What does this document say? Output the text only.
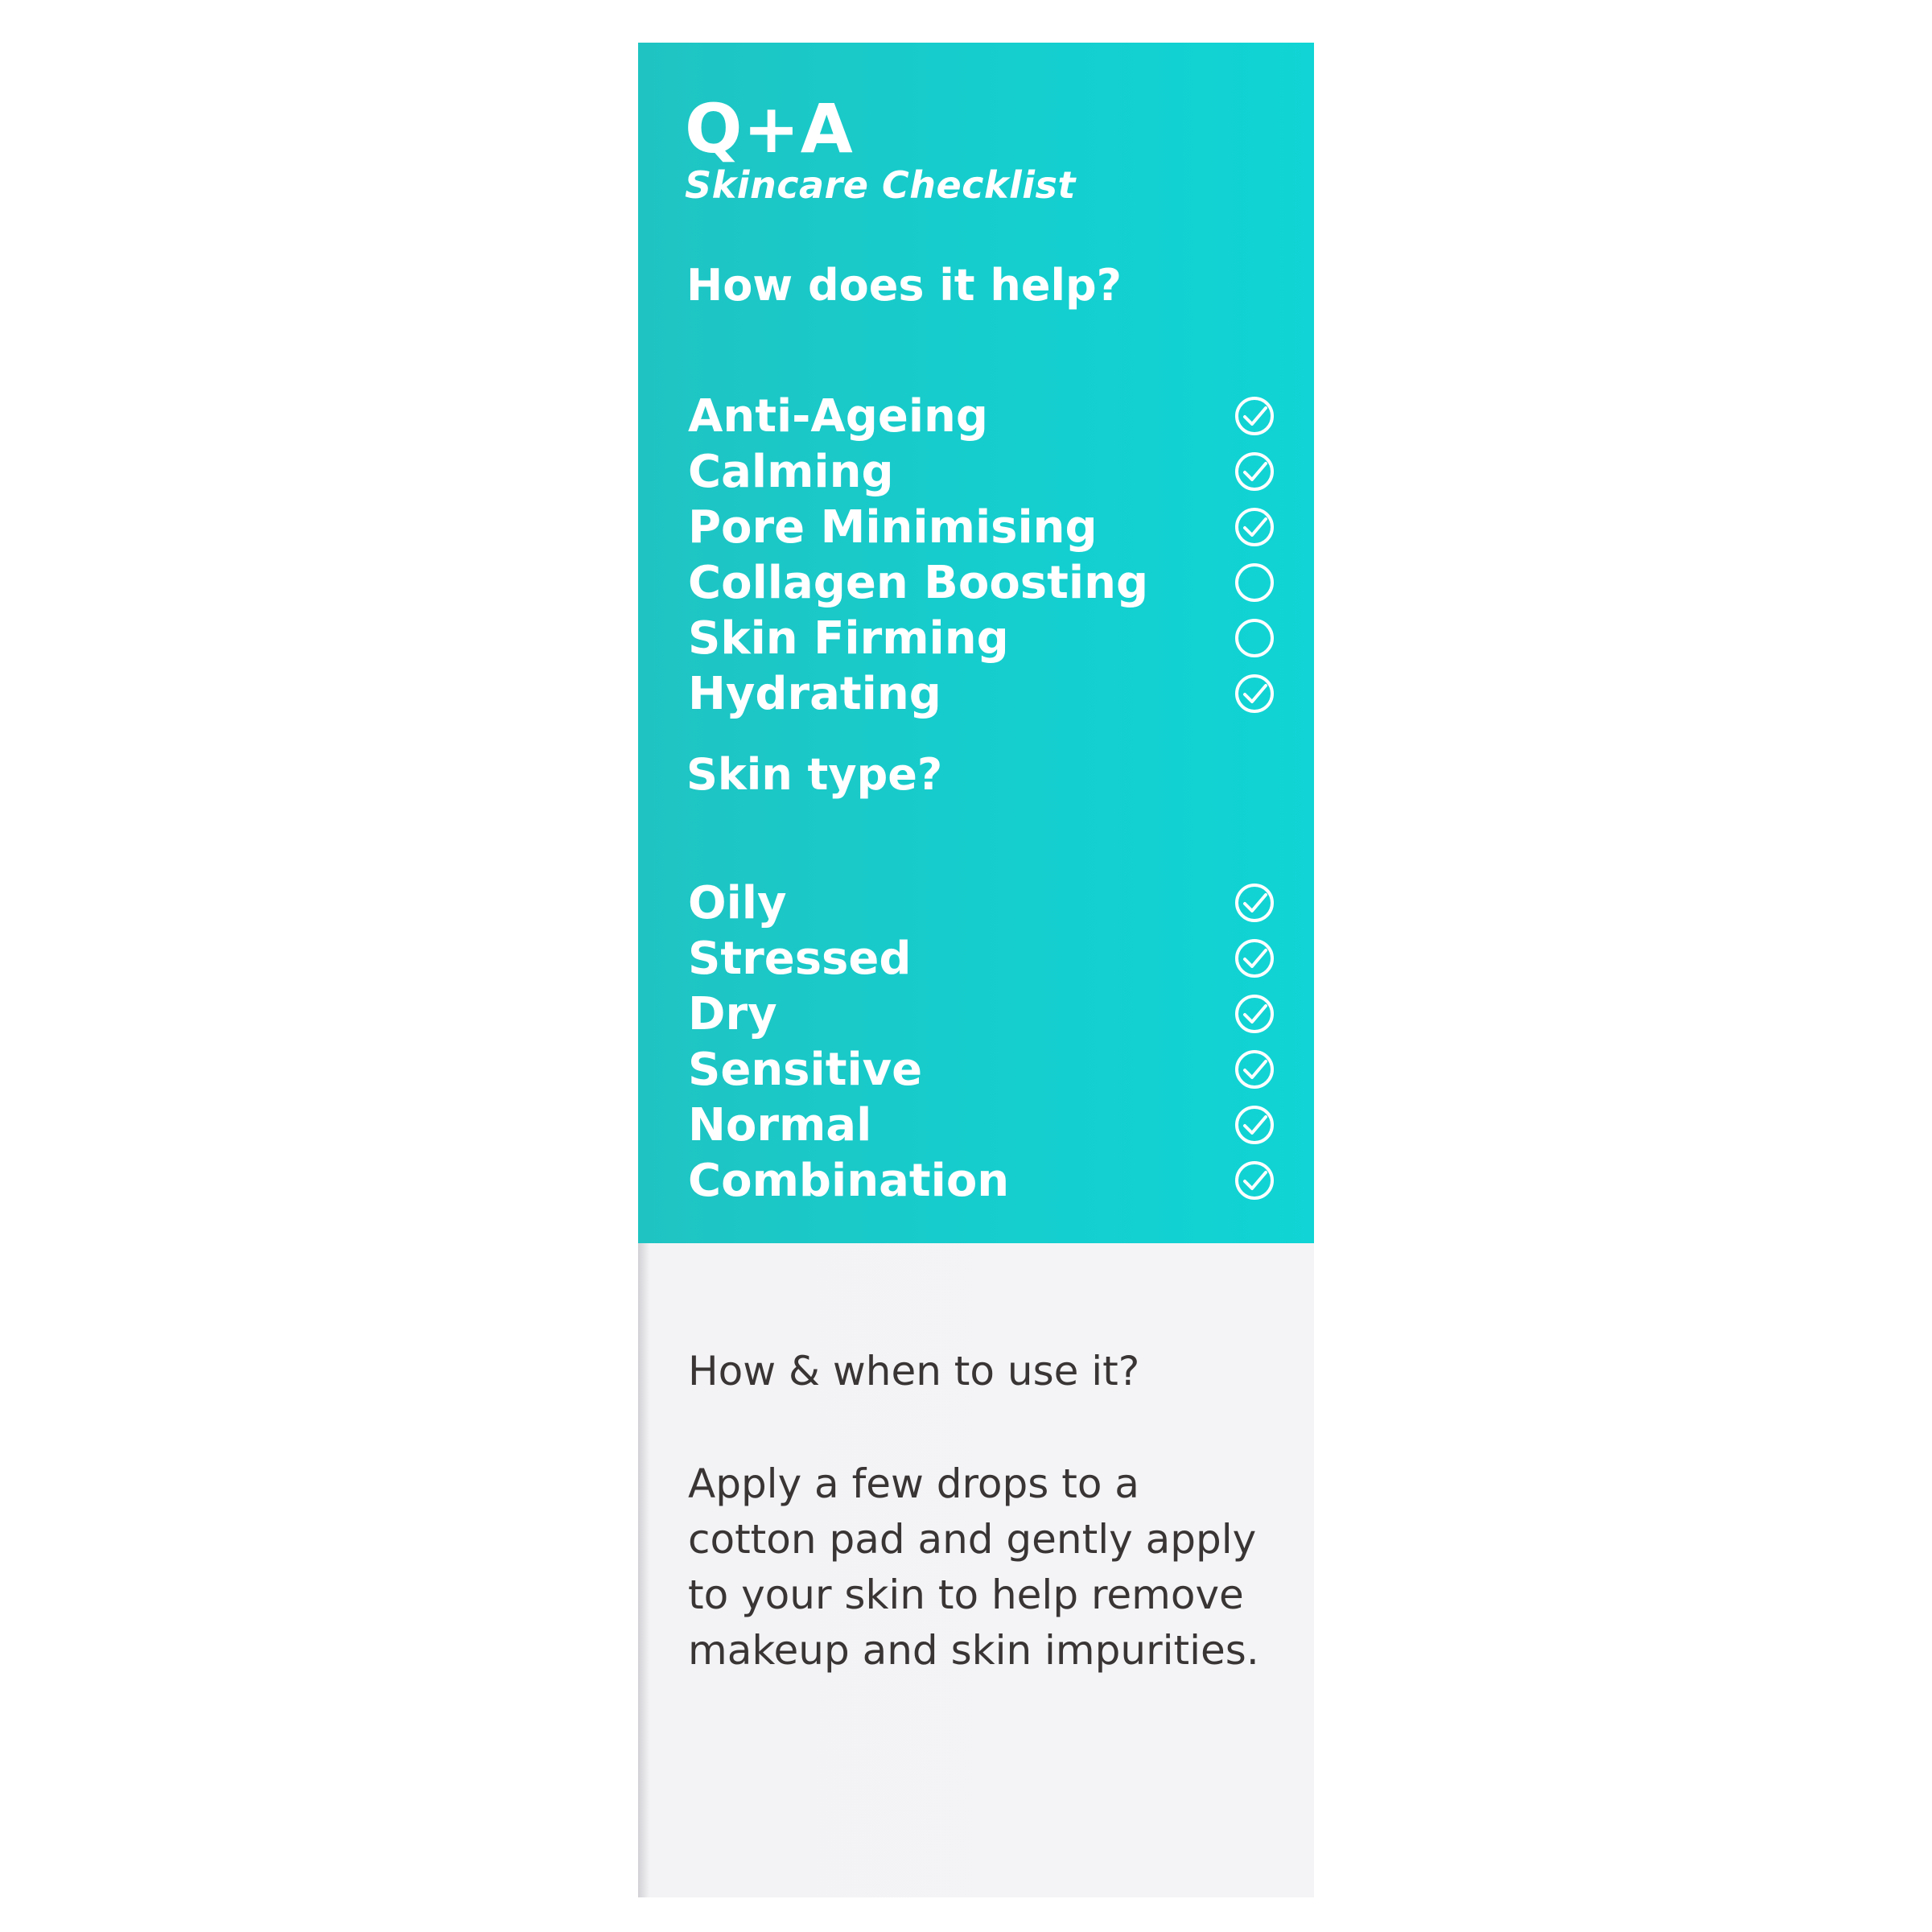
Q+A
Skincare Checklist
How does it help?
Anti-Ageing
Calming
Pore Minimising
Collagen Boosting
Skin Firming
Hydrating
Skin type?
Oily
Stressed
Dry
Sensitive
Normal
Combination
How & when to use it?
Apply a few drops to a cotton pad and gently apply to your skin to help remove makeup and skin impurities.
